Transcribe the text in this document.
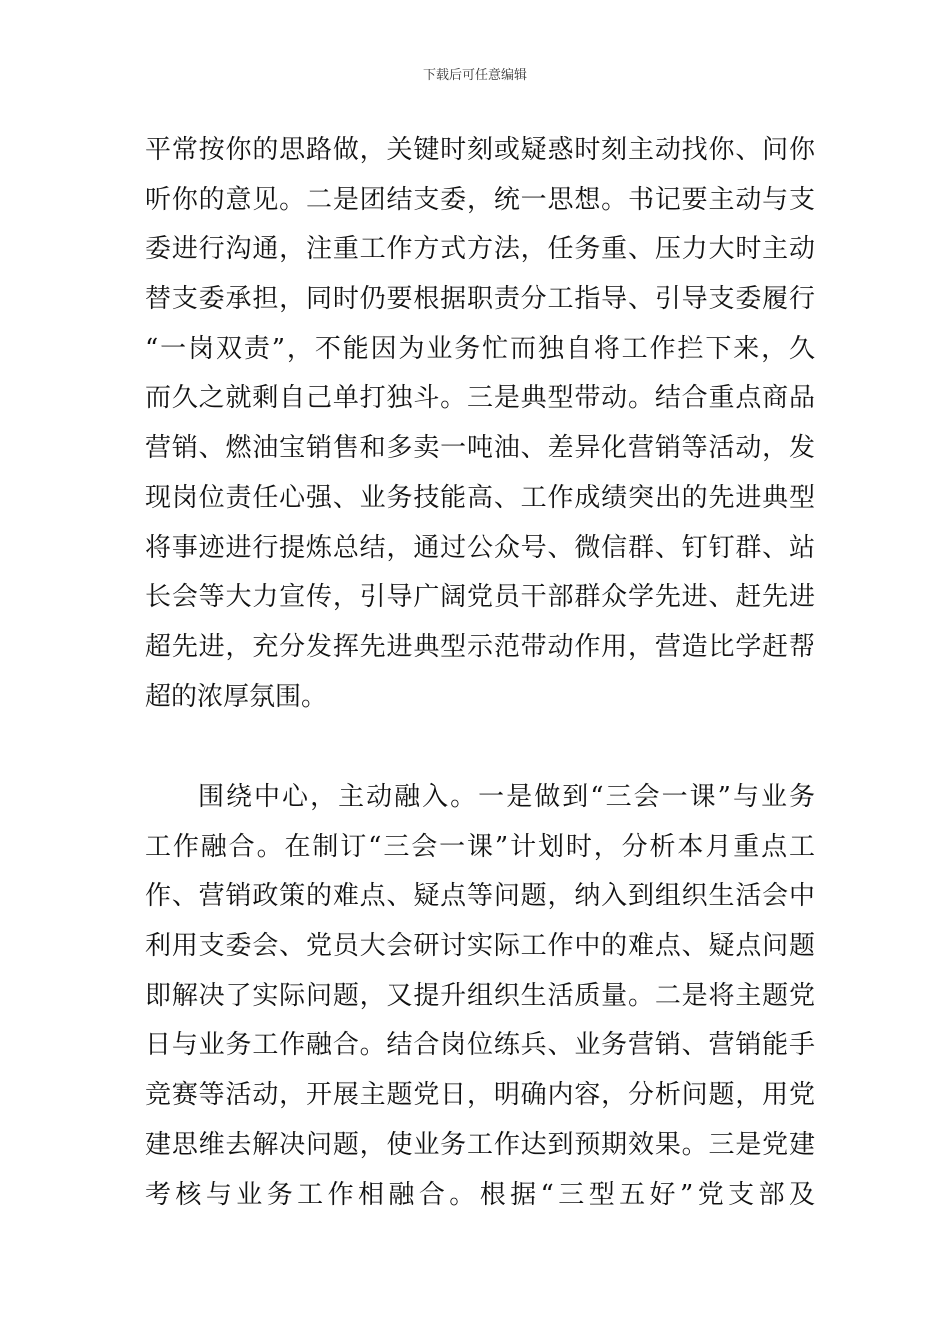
下载后可任意编辑
平常按你的思路做，关键时刻或疑惑时刻主动找你、问你
听你的意见。二是团结支委，统一思想。书记要主动与支
委进行沟通，注重工作方式方法，任务重、压力大时主动
替支委承担，同时仍要根据职责分工指导、引导支委履行
“一岗双责”，不能因为业务忙而独自将工作拦下来，久
而久之就剩自己单打独斗。三是典型带动。结合重点商品
营销、燃油宝销售和多卖一吨油、差异化营销等活动，发
现岗位责任心强、业务技能高、工作成绩突出的先进典型
将事迹进行提炼总结，通过公众号、微信群、钉钉群、站
长会等大力宣传，引导广阔党员干部群众学先进、赶先进
超先进，充分发挥先进典型示范带动作用，营造比学赶帮
超的浓厚氛围。
围绕中心，主动融入。一是做到“三会一课”与业务
工作融合。在制订“三会一课”计划时，分析本月重点工
作、营销政策的难点、疑点等问题，纳入到组织生活会中
利用支委会、党员大会研讨实际工作中的难点、疑点问题
即解决了实际问题，又提升组织生活质量。二是将主题党
日与业务工作融合。结合岗位练兵、业务营销、营销能手
竞赛等活动，开展主题党日，明确内容，分析问题，用党
建思维去解决问题，使业务工作达到预期效果。三是党建
考核与业务工作相融合。根据“三型五好”党支部及
